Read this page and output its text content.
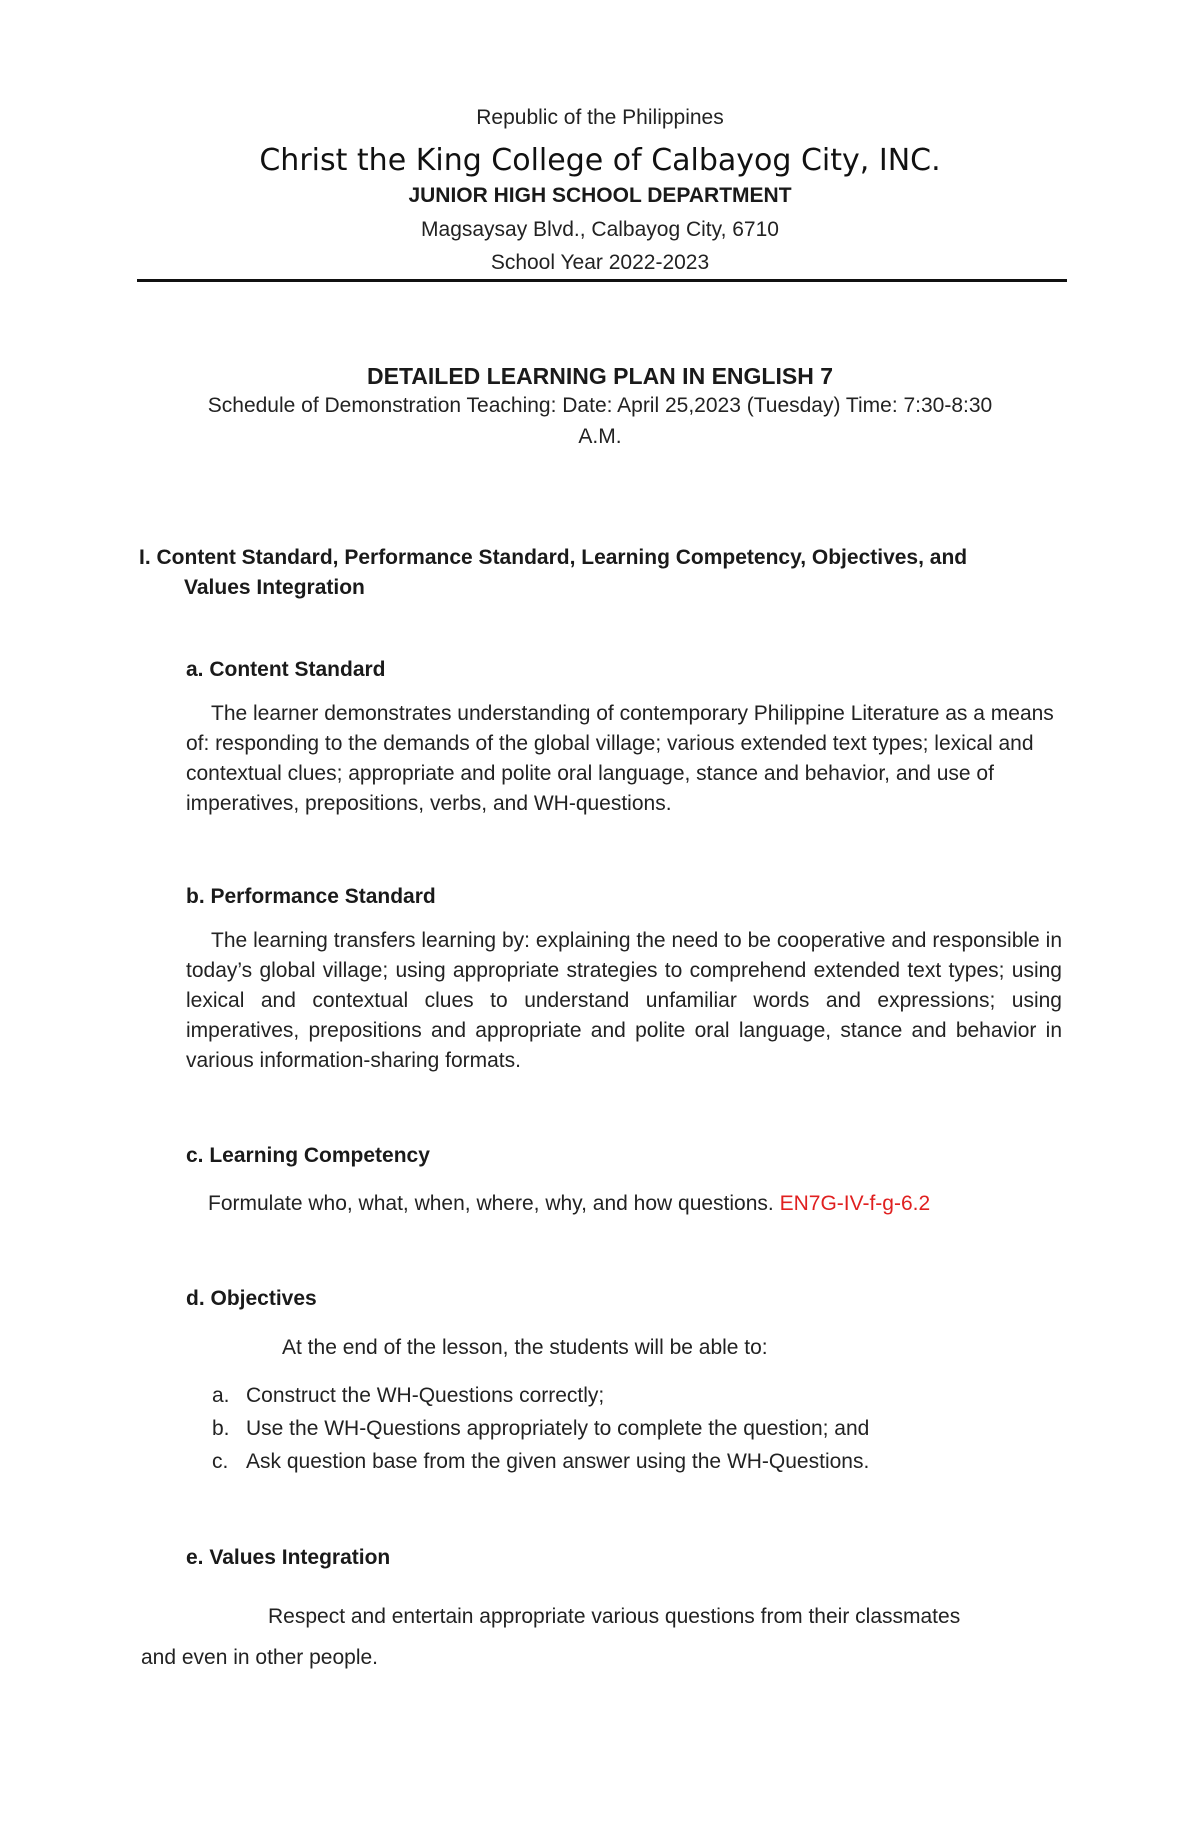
Republic of the Philippines
Christ the King College of Calbayog City, INC.
JUNIOR HIGH SCHOOL DEPARTMENT
Magsaysay Blvd., Calbayog City, 6710
School Year 2022-2023
DETAILED LEARNING PLAN IN ENGLISH 7
Schedule of Demonstration Teaching: Date: April 25,2023 (Tuesday) Time: 7:30-8:30
A.M.
I. Content Standard, Performance Standard, Learning Competency, Objectives, and
Values Integration
a. Content Standard
The learner demonstrates understanding of contemporary Philippine Literature as a means of: responding to the demands of the global village; various extended text types; lexical and contextual clues; appropriate and polite oral language, stance and behavior, and use of imperatives, prepositions, verbs, and WH-questions.
b. Performance Standard
The learning transfers learning by: explaining the need to be cooperative and responsible in today’s global village; using appropriate strategies to comprehend extended text types; using lexical and contextual clues to understand unfamiliar words and expressions; using imperatives, prepositions and appropriate and polite oral language, stance and behavior in various information-sharing formats.
c. Learning Competency
Formulate who, what, when, where, why, and how questions. EN7G-IV-f-g-6.2
d. Objectives
At the end of the lesson, the students will be able to:
a. Construct the WH-Questions correctly;
b. Use the WH-Questions appropriately to complete the question; and
c. Ask question base from the given answer using the WH-Questions.
e. Values Integration
Respect and entertain appropriate various questions from their classmates
and even in other people.
